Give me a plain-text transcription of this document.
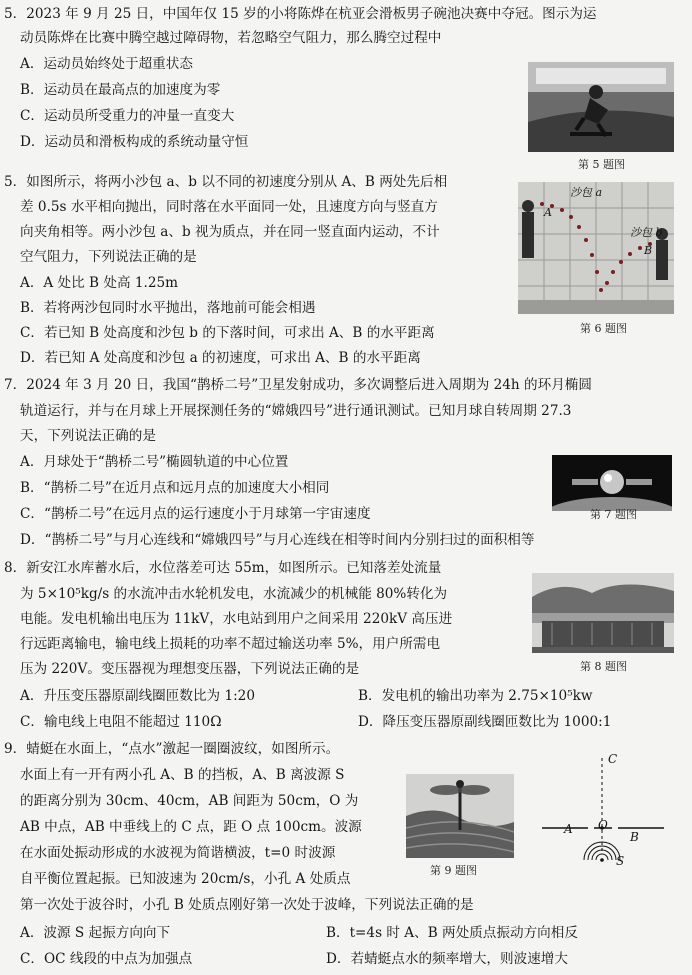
5．2023 年 9 月 25 日，中国年仅 15 岁的小将陈烨在杭亚会滑板男子碗池决赛中夺冠。图示为运
动员陈烨在比赛中腾空越过障碍物，若忽略空气阻力，那么腾空过程中
A．运动员始终处于超重状态
B．运动员在最高点的加速度为零
C．运动员所受重力的冲量一直变大
D．运动员和滑板构成的系统动量守恒
第 5 题图
5．如图所示，将两小沙包 a、b 以不同的初速度分别从 A、B 两处先后相
差 0.5s 水平相向抛出，同时落在水平面同一处，且速度方向与竖直方
向夹角相等。两小沙包 a、b 视为质点，并在同一竖直面内运动，不计
空气阻力，下列说法正确的是
A．A 处比 B 处高 1.25m
B．若将两沙包同时水平抛出，落地前可能会相遇
C．若已知 B 处高度和沙包 b 的下落时间，可求出 A、B 的水平距离
D．若已知 A 处高度和沙包 a 的初速度，可求出 A、B 的水平距离
沙包 a
沙包 b
A
B
第 6 题图
7．2024 年 3 月 20 日，我国“鹊桥二号”卫星发射成功，多次调整后进入周期为 24h 的环月椭圆
轨道运行，并与在月球上开展探测任务的“嫦娥四号”进行通讯测试。已知月球自转周期 27.3
天，下列说法正确的是
A．月球处于“鹊桥二号”椭圆轨道的中心位置
B．“鹊桥二号”在近月点和远月点的加速度大小相同
C．“鹊桥二号”在远月点的运行速度小于月球第一宇宙速度
D．“鹊桥二号”与月心连线和“嫦娥四号”与月心连线在相等时间内分别扫过的面积相等
第 7 题图
8．新安江水库蓄水后，水位落差可达 55m，如图所示。已知落差处流量
为 5×10⁵kg/s 的水流冲击水轮机发电，水流减少的机械能 80%转化为
电能。发电机输出电压为 11kV，水电站到用户之间采用 220kV 高压进
行远距离输电，输电线上损耗的功率不超过输送功率 5%，用户所需电
压为 220V。变压器视为理想变压器，下列说法正确的是
A．升压变压器原副线圈匝数比为 1:20	B．发电机的输出功率为 2.75×10⁵kw
C．输电线上电阻不能超过 110Ω	D．降压变压器原副线圈匝数比为 1000:1
第 8 题图
9．蜻蜓在水面上，“点水”激起一圈圈波纹，如图所示。
水面上有一开有两小孔 A、B 的挡板，A、B 离波源 S
的距离分别为 30cm、40cm，AB 间距为 50cm，O 为
AB 中点，AB 中垂线上的 C 点，距 O 点 100cm。波源
在水面处振动形成的水波视为简谐横波，t=0 时波源
自平衡位置起振。已知波速为 20cm/s，小孔 A 处质点
第一次处于波谷时，小孔 B 处质点刚好第一次处于波峰，下列说法正确的是
A．波源 S 起振方向向下	B．t=4s 时 A、B 两处质点振动方向相反
C．OC 线段的中点为加强点	D．若蜻蜓点水的频率增大，则波速增大
第 9 题图
C
A O
B
S
